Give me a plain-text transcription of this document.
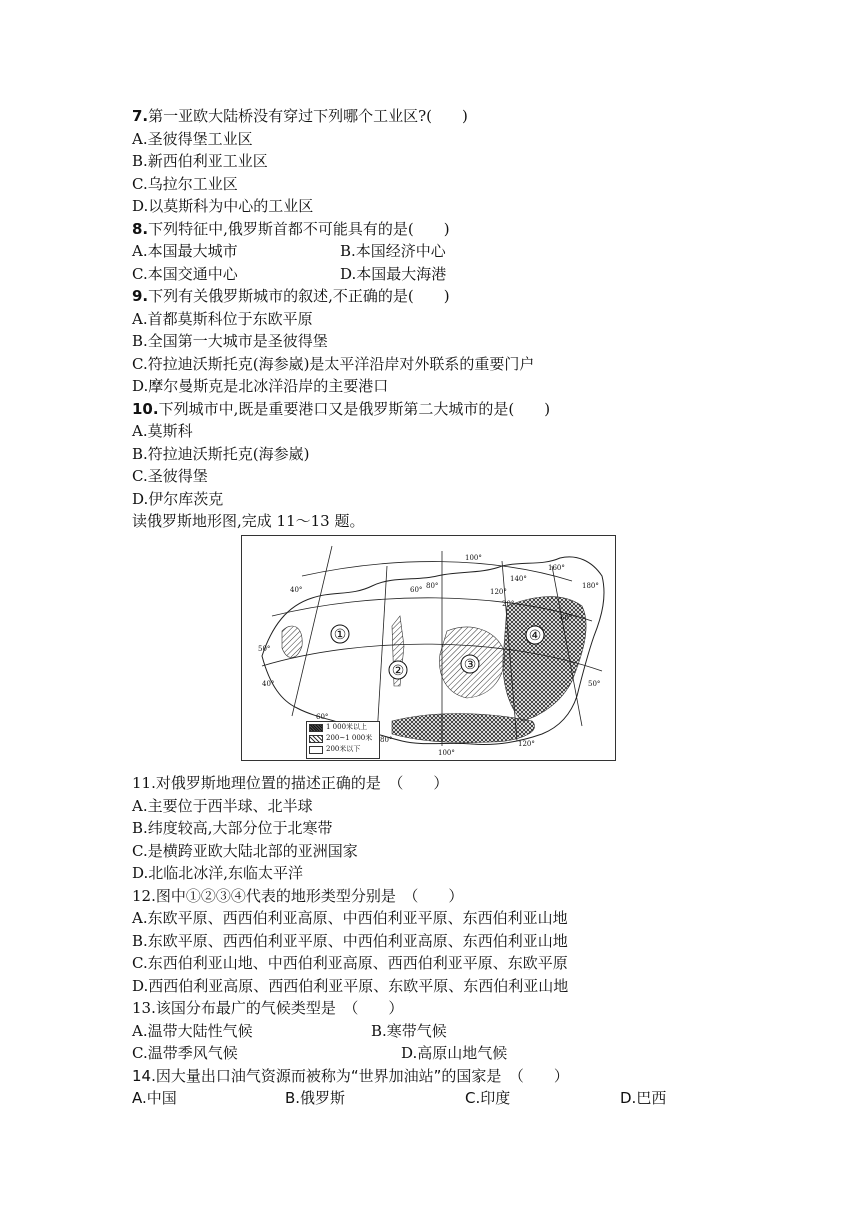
7.第一亚欧大陆桥没有穿过下列哪个工业区?(　　)
A.圣彼得堡工业区
B.新西伯利亚工业区
C.乌拉尔工业区
D.以莫斯科为中心的工业区
8.下列特征中,俄罗斯首都不可能具有的是(　　)
A.本国最大城市	B.本国经济中心
C.本国交通中心	D.本国最大海港
9.下列有关俄罗斯城市的叙述,不正确的是(　　)
A.首都莫斯科位于东欧平原
B.全国第一大城市是圣彼得堡
C.符拉迪沃斯托克(海参崴)是太平洋沿岸对外联系的重要门户
D.摩尔曼斯克是北冰洋沿岸的主要港口
10.下列城市中,既是重要港口又是俄罗斯第二大城市的是(　　)
A.莫斯科
B.符拉迪沃斯托克(海参崴)
C.圣彼得堡
D.伊尔库茨克
读俄罗斯地形图,完成 11～13 题。
①
②	③
④
40°	60° 80°
100°
140°
160°
180°
120°
20°
60°
50°
40°
120°
100°
80°
60°
50°
1 000米以上
200~1 000米
200米以下
11.对俄罗斯地理位置的描述正确的是　（　　）
A.主要位于西半球、北半球
B.纬度较高,大部分位于北寒带
C.是横跨亚欧大陆北部的亚洲国家
D.北临北冰洋,东临太平洋
12.图中①②③④代表的地形类型分别是　（　　）
A.东欧平原、西西伯利亚高原、中西伯利亚平原、东西伯利亚山地
B.东欧平原、西西伯利亚平原、中西伯利亚高原、东西伯利亚山地
C.东西伯利亚山地、中西伯利亚高原、西西伯利亚平原、东欧平原
D.西西伯利亚高原、西西伯利亚平原、东欧平原、东西伯利亚山地
13.该国分布最广的气候类型是　（　　）
A.温带大陆性气候	B.寒带气候
C.温带季风气候	D.高原山地气候
14.因大量出口油气资源而被称为“世界加油站”的国家是　（　　）
A.中国	B.俄罗斯	C.印度	D.巴西
